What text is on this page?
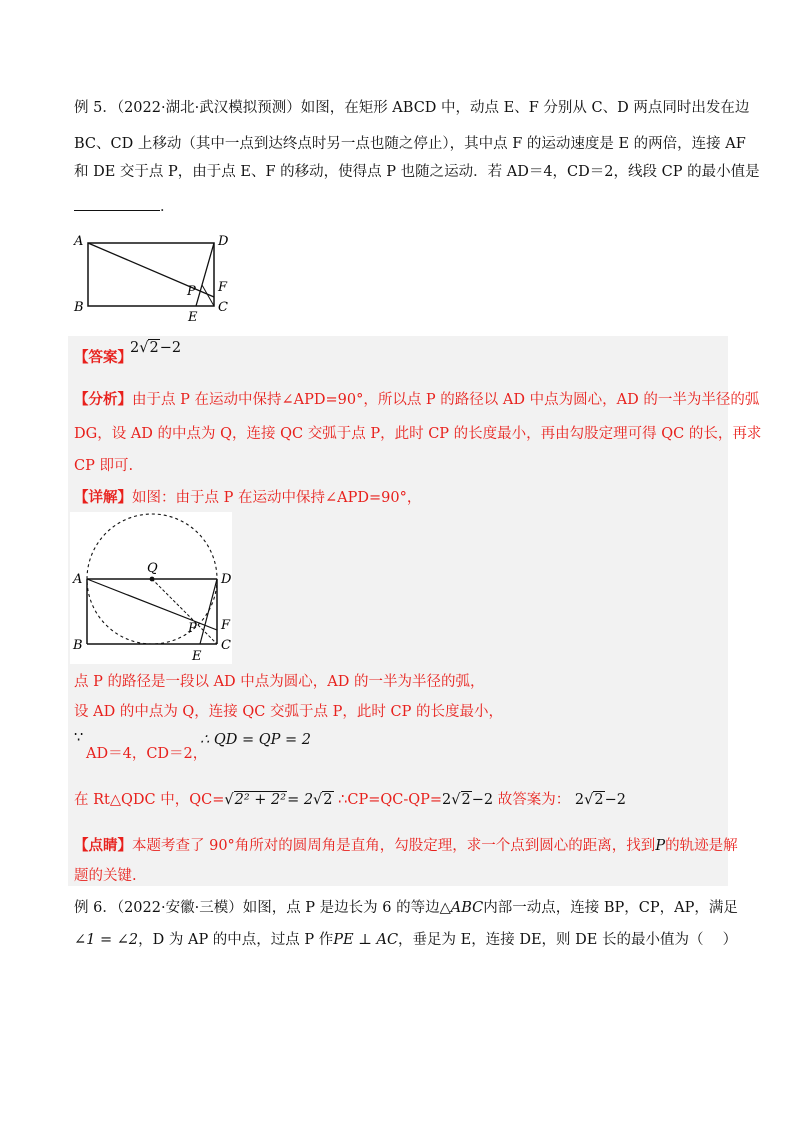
例 5．（2022·湖北·武汉模拟预测）如图，在矩形 ABCD 中，动点 E、F 分别从 C、D 两点同时出发在边
BC、CD 上移动（其中一点到达终点时另一点也随之停止），其中点 F 的运动速度是 E 的两倍，连接 AF
和 DE 交于点 P，由于点 E、F 的移动，使得点 P 也随之运动．若 AD＝4，CD＝2，线段 CP 的最小值是
．
A
B	C
D
E
F
P
【答案】
2√2−2
【分析】由于点 P 在运动中保持∠APD=90°，所以点 P 的路径以 AD 中点为圆心，AD 的一半为半径的弧
DG，设 AD 的中点为 Q，连接 QC 交弧于点 P，此时 CP 的长度最小，再由勾股定理可得 QC 的长，再求
CP 即可.
【详解】如图：由于点 P 在运动中保持∠APD=90°，
Q
A
B
D
C
F
P
E
点 P 的路径是一段以 AD 中点为圆心，AD 的一半为半径的弧，
设 AD 的中点为 Q，连接 QC 交弧于点 P，此时 CP 的长度最小，
∵
AD＝4，CD＝2，
∴ QD = QP = 2
在 Rt△QDC 中，QC=√2² + 2²= 2√2 ∴CP=QC-QP=2√2−2 故答案为： 2√2−2
【点睛】本题考查了 90°角所对的圆周角是直角，勾股定理，求一个点到圆心的距离，找到P的轨迹是解
题的关键.
例 6．（2022·安徽·三模）如图，点 P 是边长为 6 的等边△ABC内部一动点，连接 BP，CP，AP，满足
∠1 = ∠2，D 为 AP 的中点，过点 P 作PE ⊥ AC，垂足为 E，连接 DE，则 DE 长的最小值为（　 ）
